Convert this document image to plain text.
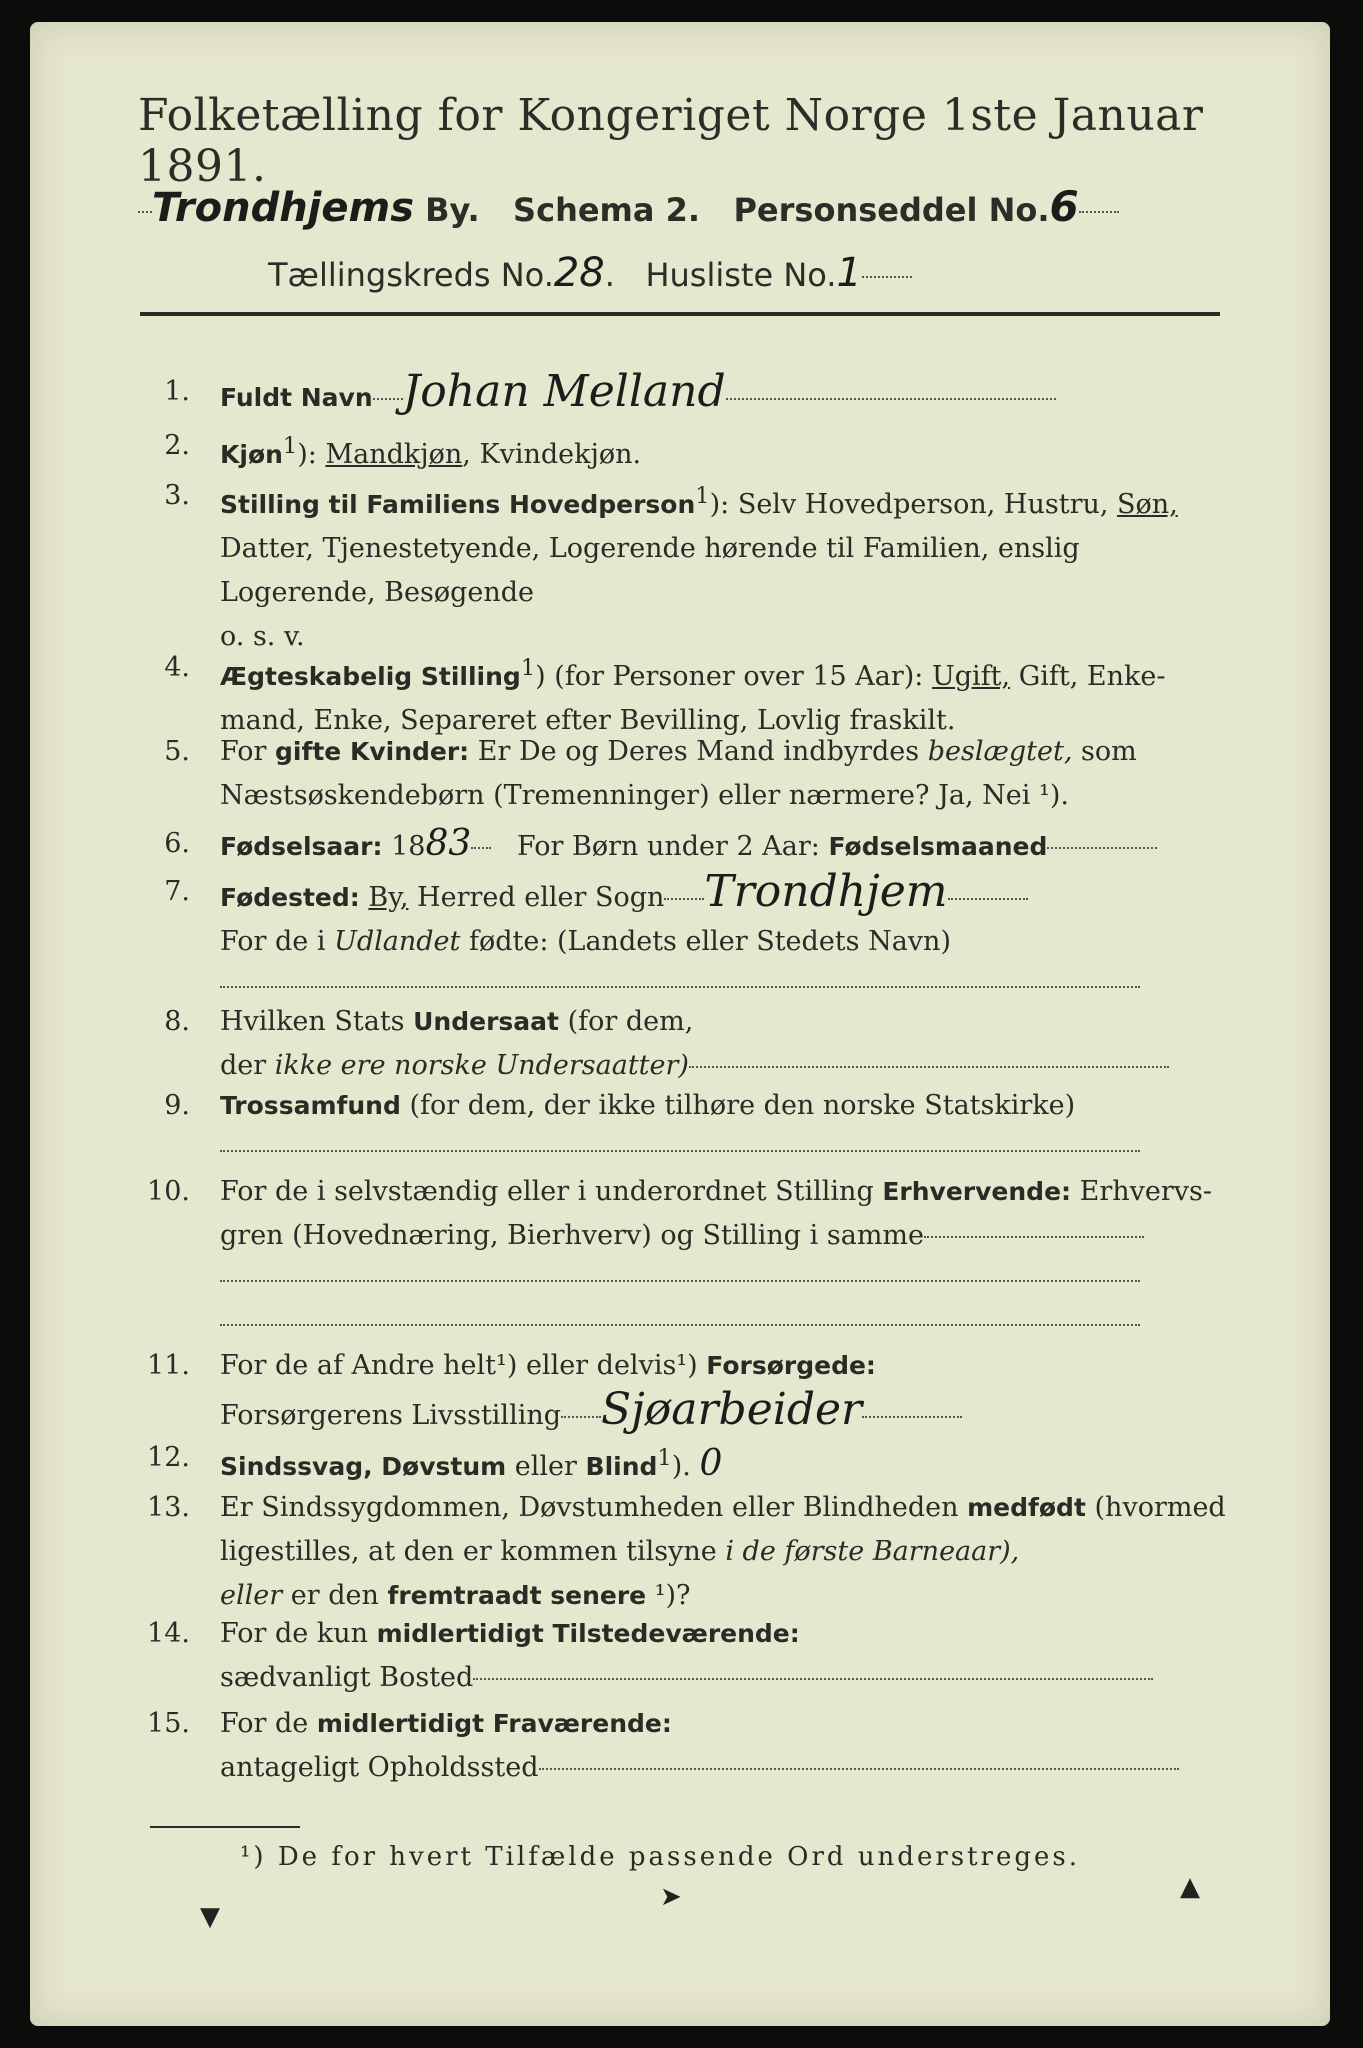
Folketælling for Kongeriget Norge 1ste Januar 1891.
Trondhjems By. Schema 2. Personseddel No.6
Tællingskreds No.28.   Husliste No.1
1. Fuldt Navn Johan Melland
2. Kjøn$^1$): Mandkjøn, Kvindekjøn.
3. Stilling til Familiens Hovedperson$^1$): Selv Hovedperson, Hustru, Søn,
Datter, Tjenestetyende, Logerende hørende til Familien, enslig
Logerende, Besøgende
o. s. v.
4. Ægteskabelig Stilling$^1$) (for Personer over 15 Aar): Ugift, Gift, Enke-
mand, Enke, Separeret efter Bevilling, Lovlig fraskilt.
5. For gifte Kvinder: Er De og Deres Mand indbyrdes beslægtet, som
Næstsøskendebørn (Tremenninger) eller nærmere? Ja, Nei ¹).
6. Fødselsaar: 1883 For Børn under 2 Aar: Fødselsmaaned
7. Fødested: By, Herred eller Sogn Trondhjem
For de i Udlandet fødte: (Landets eller Stedets Navn)
8. Hvilken Stats Undersaat (for dem,
der ikke ere norske Undersaatter)
9. Trossamfund (for dem, der ikke tilhøre den norske Statskirke)
10. For de i selvstændig eller i underordnet Stilling Erhvervende: Erhvervs-
gren (Hovednæring, Bierhverv) og Stilling i samme
11. For de af Andre helt¹) eller delvis¹) Forsørgede:
Forsørgerens Livsstilling Sjøarbeider
12. Sindssvag, Døvstum eller Blind$^1$). 0
13. Er Sindssygdommen, Døvstumheden eller Blindheden medfødt (hvormed
ligestilles, at den er kommen tilsyne i de første Barneaar),
eller er den fremtraadt senere ¹)?
14. For de kun midlertidigt Tilstedeværende:
sædvanligt Bosted
15. For de midlertidigt Fraværende:
antageligt Opholdssted
¹) De for hvert Tilfælde passende Ord understreges.
▼
➤	▲
